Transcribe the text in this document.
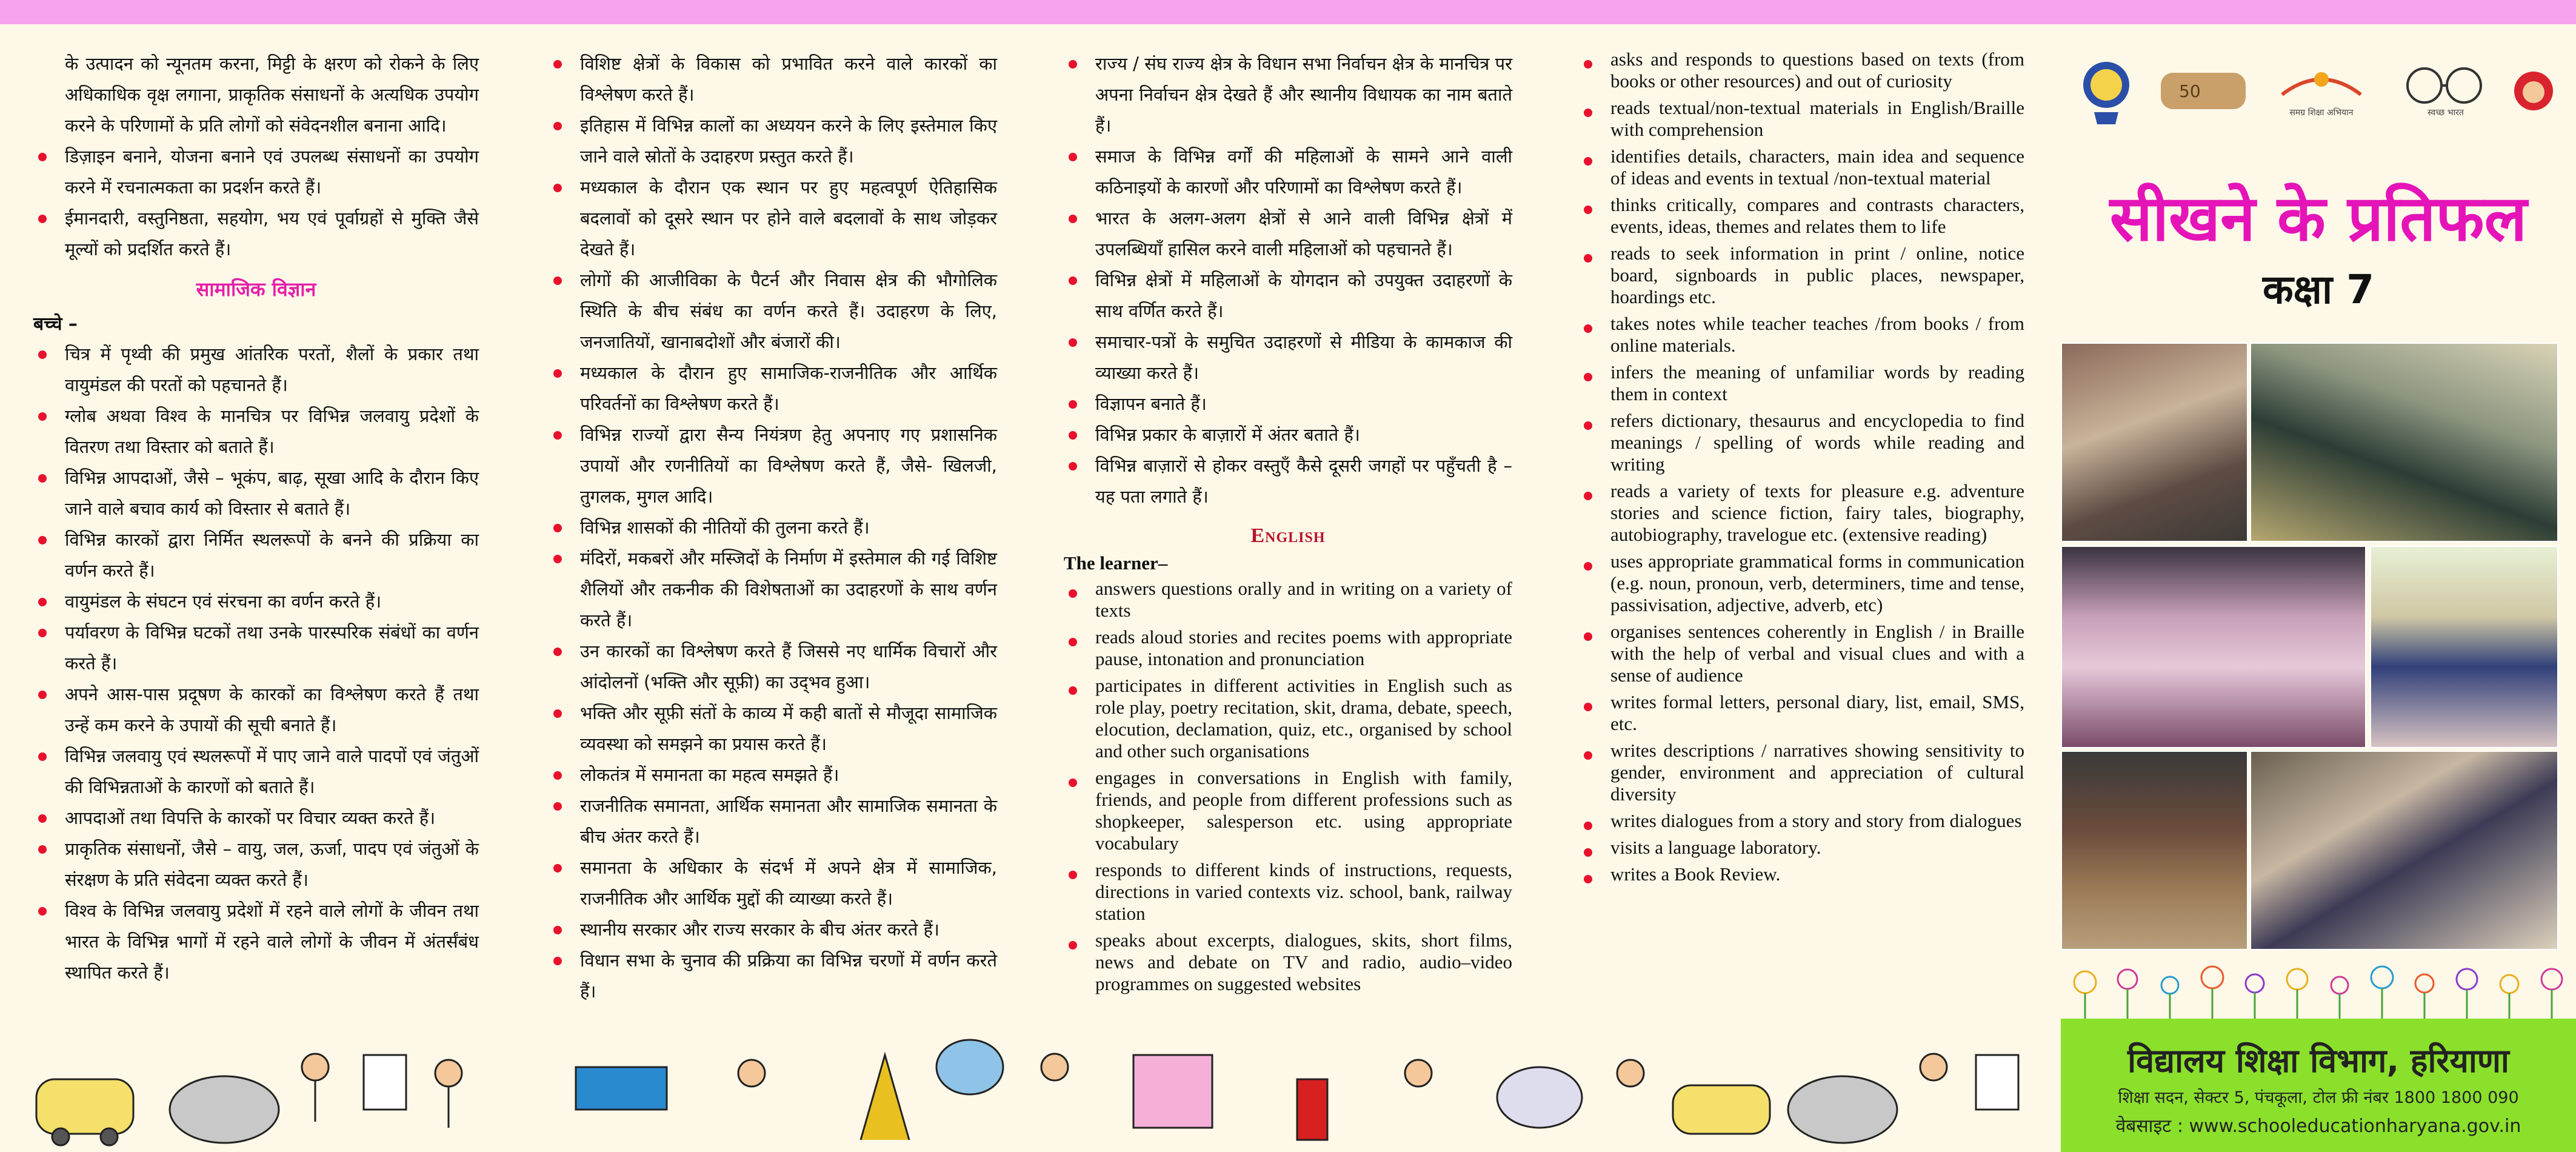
के उत्पादन को न्यूनतम करना, मिट्टी के क्षरण को रोकने के लिए अधिकाधिक वृक्ष लगाना, प्राकृतिक संसाधनों के अत्यधिक उपयोग करने के परिणामों के प्रति लोगों को संवेदनशील बनाना आदि।
डिज़ाइन बनाने, योजना बनाने एवं उपलब्ध संसाधनों का उपयोग करने में रचनात्मकता का प्रदर्शन करते हैं।
ईमानदारी, वस्तुनिष्ठता, सहयोग, भय एवं पूर्वाग्रहों से मुक्ति जैसे मूल्यों को प्रदर्शित करते हैं।
सामाजिक विज्ञान
बच्चे –
चित्र में पृथ्वी की प्रमुख आंतरिक परतों, शैलों के प्रकार तथा वायुमंडल की परतों को पहचानते हैं।
ग्लोब अथवा विश्व के मानचित्र पर विभिन्न जलवायु प्रदेशों के वितरण तथा विस्तार को बताते हैं।
विभिन्न आपदाओं, जैसे – भूकंप, बाढ़, सूखा आदि के दौरान किए जाने वाले बचाव कार्य को विस्तार से बताते हैं।
विभिन्न कारकों द्वारा निर्मित स्थलरूपों के बनने की प्रक्रिया का वर्णन करते हैं।
वायुमंडल के संघटन एवं संरचना का वर्णन करते हैं।
पर्यावरण के विभिन्न घटकों तथा उनके पारस्परिक संबंधों का वर्णन करते हैं।
अपने आस-पास प्रदूषण के कारकों का विश्लेषण करते हैं तथा उन्हें कम करने के उपायों की सूची बनाते हैं।
विभिन्न जलवायु एवं स्थलरूपों में पाए जाने वाले पादपों एवं जंतुओं की विभिन्नताओं के कारणों को बताते हैं।
आपदाओं तथा विपत्ति के कारकों पर विचार व्यक्त करते हैं।
प्राकृतिक संसाधनों, जैसे – वायु, जल, ऊर्जा, पादप एवं जंतुओं के संरक्षण के प्रति संवेदना व्यक्त करते हैं।
विश्व के विभिन्न जलवायु प्रदेशों में रहने वाले लोगों के जीवन तथा भारत के विभिन्न भागों में रहने वाले लोगों के जीवन में अंतर्संबंध स्थापित करते हैं।
विशिष्ट क्षेत्रों के विकास को प्रभावित करने वाले कारकों का विश्लेषण करते हैं।
इतिहास में विभिन्न कालों का अध्ययन करने के लिए इस्तेमाल किए जाने वाले स्रोतों के उदाहरण प्रस्तुत करते हैं।
मध्यकाल के दौरान एक स्थान पर हुए महत्वपूर्ण ऐतिहासिक बदलावों को दूसरे स्थान पर होने वाले बदलावों के साथ जोड़कर देखते हैं।
लोगों की आजीविका के पैटर्न और निवास क्षेत्र की भौगोलिक स्थिति के बीच संबंध का वर्णन करते हैं। उदाहरण के लिए, जनजातियों, खानाबदोशों और बंजारों की।
मध्यकाल के दौरान हुए सामाजिक-राजनीतिक और आर्थिक परिवर्तनों का विश्लेषण करते हैं।
विभिन्न राज्यों द्वारा सैन्य नियंत्रण हेतु अपनाए गए प्रशासनिक उपायों और रणनीतियों का विश्लेषण करते हैं, जैसे- खिलजी, तुगलक, मुगल आदि।
विभिन्न शासकों की नीतियों की तुलना करते हैं।
मंदिरों, मकबरों और मस्जिदों के निर्माण में इस्तेमाल की गई विशिष्ट शैलियों और तकनीक की विशेषताओं का उदाहरणों के साथ वर्णन करते हैं।
उन कारकों का विश्लेषण करते हैं जिससे नए धार्मिक विचारों और आंदोलनों (भक्ति और सूफ़ी) का उद्‌भव हुआ।
भक्ति और सूफ़ी संतों के काव्य में कही बातों से मौजूदा सामाजिक व्यवस्था को समझने का प्रयास करते हैं।
लोकतंत्र में समानता का महत्व समझते हैं।
राजनीतिक समानता, आर्थिक समानता और सामाजिक समानता के बीच अंतर करते हैं।
समानता के अधिकार के संदर्भ में अपने क्षेत्र में सामाजिक, राजनीतिक और आर्थिक मुद्दों की व्याख्या करते हैं।
स्थानीय सरकार और राज्य सरकार के बीच अंतर करते हैं।
विधान सभा के चुनाव की प्रक्रिया का विभिन्न चरणों में वर्णन करते हैं।
राज्य / संघ राज्य क्षेत्र के विधान सभा निर्वाचन क्षेत्र के मानचित्र पर अपना निर्वाचन क्षेत्र देखते हैं और स्थानीय विधायक का नाम बताते हैं।
समाज के विभिन्न वर्गों की महिलाओं के सामने आने वाली कठिनाइयों के कारणों और परिणामों का विश्लेषण करते हैं।
भारत के अलग-अलग क्षेत्रों से आने वाली विभिन्न क्षेत्रों में उपलब्धियाँ हासिल करने वाली महिलाओं को पहचानते हैं।
विभिन्न क्षेत्रों में महिलाओं के योगदान को उपयुक्त उदाहरणों के साथ वर्णित करते हैं।
समाचार-पत्रों के समुचित उदाहरणों से मीडिया के कामकाज की व्याख्या करते हैं।
विज्ञापन बनाते हैं।
विभिन्न प्रकार के बाज़ारों में अंतर बताते हैं।
विभिन्न बाज़ारों से होकर वस्तुएँ कैसे दूसरी जगहों पर पहुँचती है – यह पता लगाते हैं।
English
The learner–
answers questions orally and in writing on a variety of texts
reads aloud stories and recites poems with appropriate pause, intonation and pronunciation
participates in different activities in English such as role play, poetry recitation, skit, drama, debate, speech, elocution, declamation, quiz, etc., organised by school and other such organisations
engages in conversations in English with family, friends, and people from different professions such as shopkeeper, salesperson etc. using appropriate vocabulary
responds to different kinds of instructions, requests, directions in varied contexts viz. school, bank, railway station
speaks about excerpts, dialogues, skits, short films, news and debate on TV and radio, audio–video programmes on suggested websites
asks and responds to questions based on texts (from books or other resources) and out of curiosity
reads textual/non-textual materials in English/Braille with comprehension
identifies details, characters, main idea and sequence of ideas and events in textual /non-textual material
thinks critically, compares and contrasts characters, events, ideas, themes and relates them to life
reads to seek information in print / online, notice board, signboards in public places, newspaper, hoardings etc.
takes notes while teacher teaches /from books / from online materials.
infers the meaning of unfamiliar words by reading them in context
refers dictionary, thesaurus and encyclopedia to find meanings / spelling of words while reading and writing
reads a variety of texts for pleasure e.g. adventure stories and science fiction, fairy tales, biography, autobiography, travelogue etc. (extensive reading)
uses appropriate grammatical forms in communication (e.g. noun, pronoun, verb, determiners, time and tense, passivisation, adjective, adverb, etc)
organises sentences coherently in English / in Braille with the help of verbal and visual clues and with a sense of audience
writes formal letters, personal diary, list, email, SMS, etc.
writes descriptions / narratives showing sensitivity to gender, environment and appreciation of cultural diversity
writes dialogues from a story and story from dialogues
visits a language laboratory.
writes a Book Review.
50
समग्र शिक्षा अभियान	स्वच्छ भारत
सीखने के प्रतिफल
कक्षा 7
विद्यालय शिक्षा विभाग, हरियाणा
शिक्षा सदन, सेक्टर 5, पंचकूला, टोल फ्री नंबर 1800 1800 090
वेबसाइट : www.schooleducationharyana.gov.in
